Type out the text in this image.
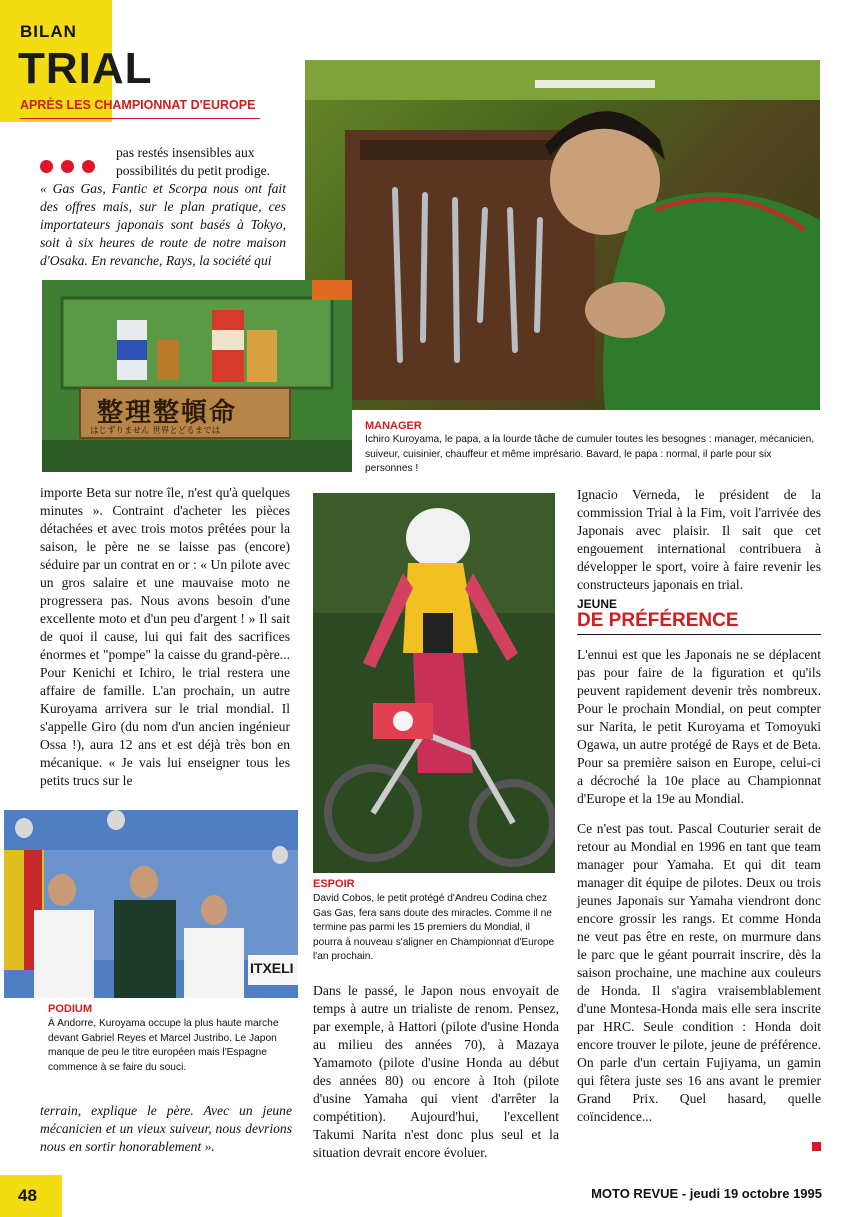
BILAN
TRIAL
APRÈS LES CHAMPIONNAT D'EUROPE
pas restés insensibles aux
possibilités du petit prodige.
« Gas Gas, Fantic et Scorpa nous ont fait des offres mais, sur le plan pratique, ces importateurs japonais sont basés à Tokyo, soit à six heures de route de notre maison d'Osaka. En revanche, Rays, la société qui
整理整頓命
はじずりません 世界とどるまでは	MANAGER
Ichiro Kuroyama, le papa, a la lourde tâche de cumuler toutes les besognes : manager, mécanicien, suiveur, cuisinier, chauffeur et même imprésario. Bavard, le papa : normal, il parle pour six personnes !
importe Beta sur notre île, n'est qu'à quelques minutes ». Contraint d'acheter les pièces détachées et avec trois motos prêtées pour la saison, le père ne se laisse pas (encore) séduire par un contrat en or : « Un pilote avec un gros salaire et une mauvaise moto ne progressera pas. Nous avons besoin d'une excellente moto et d'un peu d'argent ! » Il sait de quoi il cause, lui qui fait des sacrifices énormes et "pompe" la caisse du grand-père... Pour Kenichi et Ichiro, le trial restera une affaire de famille. L'an prochain, un autre Kuroyama arrivera sur le trial mondial. Il s'appelle Giro (du nom d'un ancien ingénieur Ossa !), aura 12 ans et est déjà très bon en mécanique. « Je vais lui enseigner tous les petits trucs sur le
ITXELI
PODIUM
À Andorre, Kuroyama occupe la plus haute marche devant Gabriel Reyes et Marcel Justribo. Le Japon manque de peu le titre européen mais l'Espagne commence à se faire du souci.
terrain, explique le père. Avec un jeune mécanicien et un vieux suiveur, nous devrions nous en sortir honorablement ».
ESPOIR
David Cobos, le petit protégé d'Andreu Codina chez Gas Gas, fera sans doute des miracles. Comme il ne termine pas parmi les 15 premiers du Mondial, il pourra à nouveau s'aligner en Championnat d'Europe l'an prochain.
Dans le passé, le Japon nous envoyait de temps à autre un trialiste de renom. Pensez, par exemple, à Hattori (pilote d'usine Honda au milieu des années 70), à Mazaya Yamamoto (pilote d'usine Honda au début des années 80) ou encore à Itoh (pilote d'usine Yamaha qui vient d'arrêter la compétition). Aujourd'hui, l'excellent Takumi Narita n'est donc plus seul et la situation devrait encore évoluer.
Ignacio Verneda, le président de la commission Trial à la Fim, voit l'arrivée des Japonais avec plaisir. Il sait que cet engouement international contribuera à développer le sport, voire à faire revenir les constructeurs japonais en trial.
JEUNE
DE PRÉFÉRENCE
L'ennui est que les Japonais ne se déplacent pas pour faire de la figuration et qu'ils peuvent rapidement devenir très nombreux. Pour le prochain Mondial, on peut compter sur Narita, le petit Kuroyama et Tomoyuki Ogawa, un autre protégé de Rays et de Beta. Pour sa première saison en Europe, celui-ci a décroché la 10e place au Championnat d'Europe et la 19e au Mondial.
Ce n'est pas tout. Pascal Couturier serait de retour au Mondial en 1996 en tant que team manager pour Yamaha. Et qui dit team manager dit équipe de pilotes. Deux ou trois jeunes Japonais sur Yamaha viendront donc encore grossir les rangs. Et comme Honda ne veut pas être en reste, on murmure dans le parc que le géant pourrait inscrire, dès la saison prochaine, une machine aux couleurs de Honda. Il s'agira vraisemblablement d'une Montesa-Honda mais elle sera inscrite par HRC. Seule condition : Honda doit encore trouver le pilote, jeune de préférence. On parle d'un certain Fujiyama, un gamin qui fêtera juste ses 16 ans avant le premier Grand Prix. Quel hasard, quelle coïncidence...
48	MOTO REVUE - jeudi 19 octobre 1995
